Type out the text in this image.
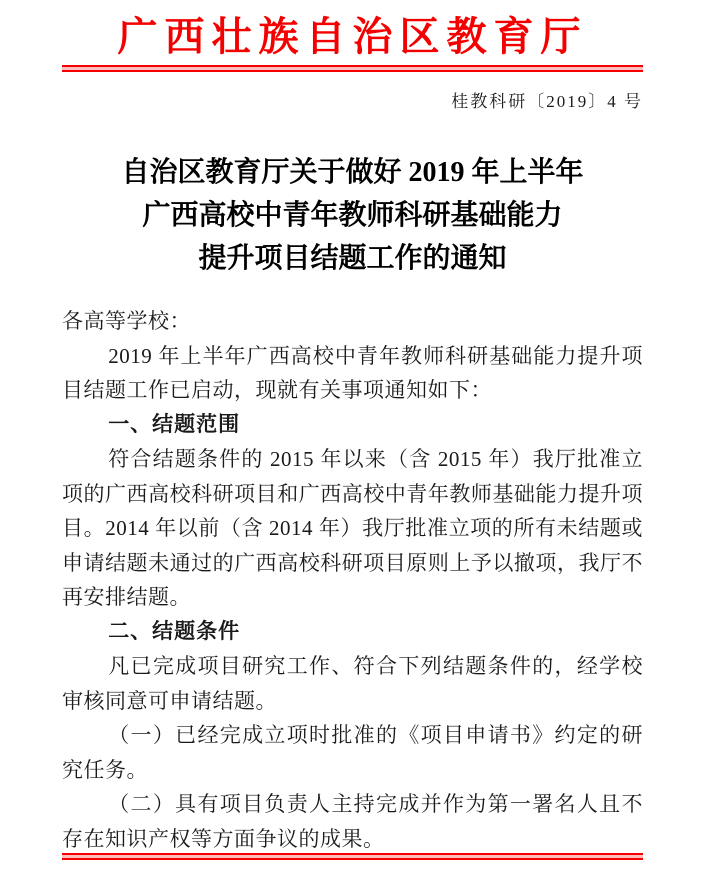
广西壮族自治区教育厅
桂教科研〔2019〕4 号
自治区教育厅关于做好 2019 年上半年
广西高校中青年教师科研基础能力
提升项目结题工作的通知

各高等学校：

2019 年上半年广西高校中青年教师科研基础能力提升项目结题工作已启动，现就有关事项通知如下：

一、结题范围

符合结题条件的 2015 年以来（含 2015 年）我厅批准立项的广西高校科研项目和广西高校中青年教师基础能力提升项目。2014 年以前（含 2014 年）我厅批准立项的所有未结题或申请结题未通过的广西高校科研项目原则上予以撤项，我厅不再安排结题。

二、结题条件

凡已完成项目研究工作、符合下列结题条件的，经学校审核同意可申请结题。

（一）已经完成立项时批准的《项目申请书》约定的研究任务。

（二）具有项目负责人主持完成并作为第一署名人且不存在知识产权等方面争议的成果。
